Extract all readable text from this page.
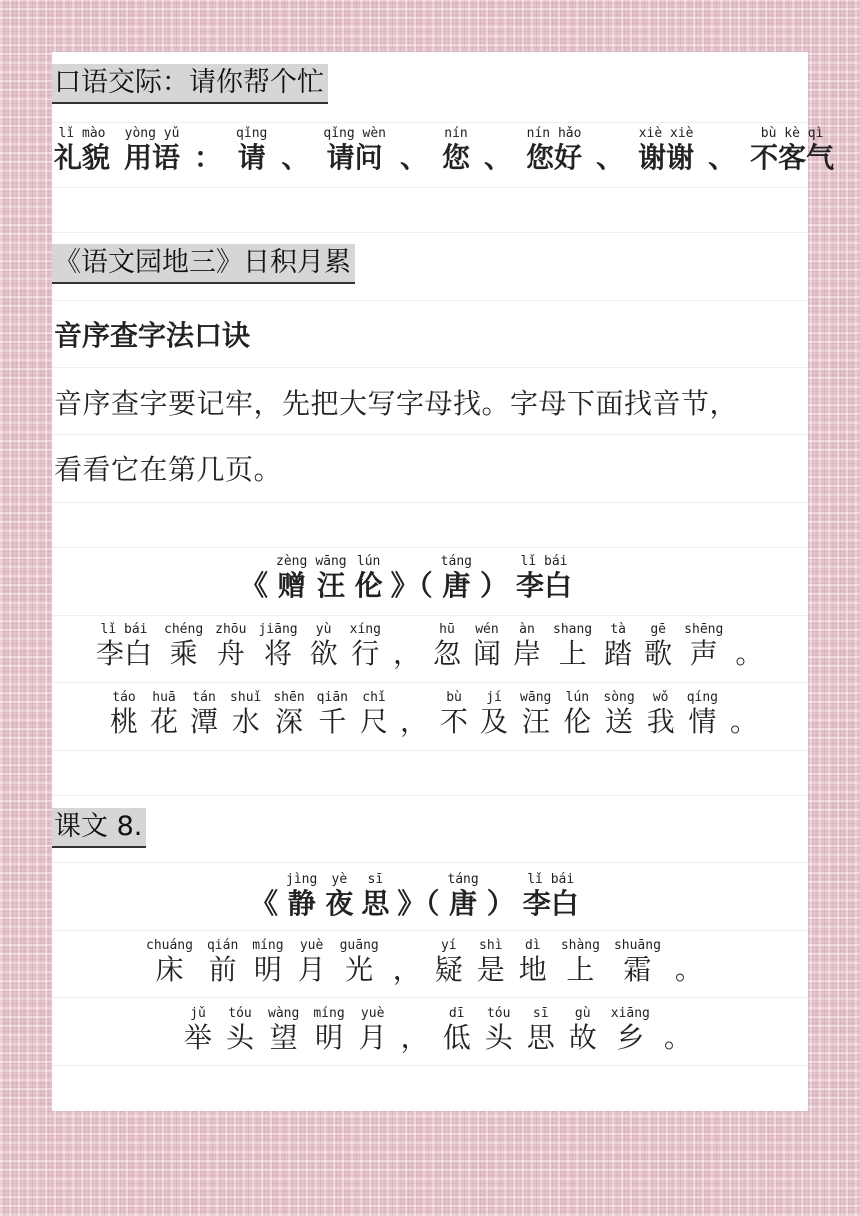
口语交际：请你帮个忙
lǐ mào
礼貌
yòng yǔ
用语 ：
qǐng
请 、
qǐng wèn
请问 、
nín
您 、
nín hǎo
您好 、
xiè xiè
谢谢 、
bù kè qì
不客气
《语文园地三》日积月累
音序查字法口诀
音序查字要记牢，先把大写字母找。字母下面找音节，
看看它在第几页。
《
zèng
赠
wāng
汪
lún
伦 》（
táng
唐 ）
lǐ bái
李白
lǐ bái
李白
chéng
乘
zhōu
舟
jiāng
将
yù
欲
xíng
行 ，
hū
忽
wén
闻
àn
岸
shang
上
tà
踏
gē
歌
shēng
声 。
táo
桃
huā
花
tán
潭
shuǐ
水
shēn
深
qiān
千
chǐ
尺 ，
bù
不
jí
及
wāng
汪
lún
伦
sòng
送
wǒ
我
qíng
情 。
课文 8.
《
jìng
静
yè
夜
sī
思 》（
táng
唐 ）
lǐ bái
李白
chuáng
床
qián
前
míng
明
yuè
月
guāng
光 ，
yí
疑
shì
是
dì
地
shàng
上
shuāng
霜 。
jǔ
举
tóu
头
wàng
望
míng
明
yuè
月 ，
dī
低
tóu
头
sī
思
gù
故
xiāng
乡 。
